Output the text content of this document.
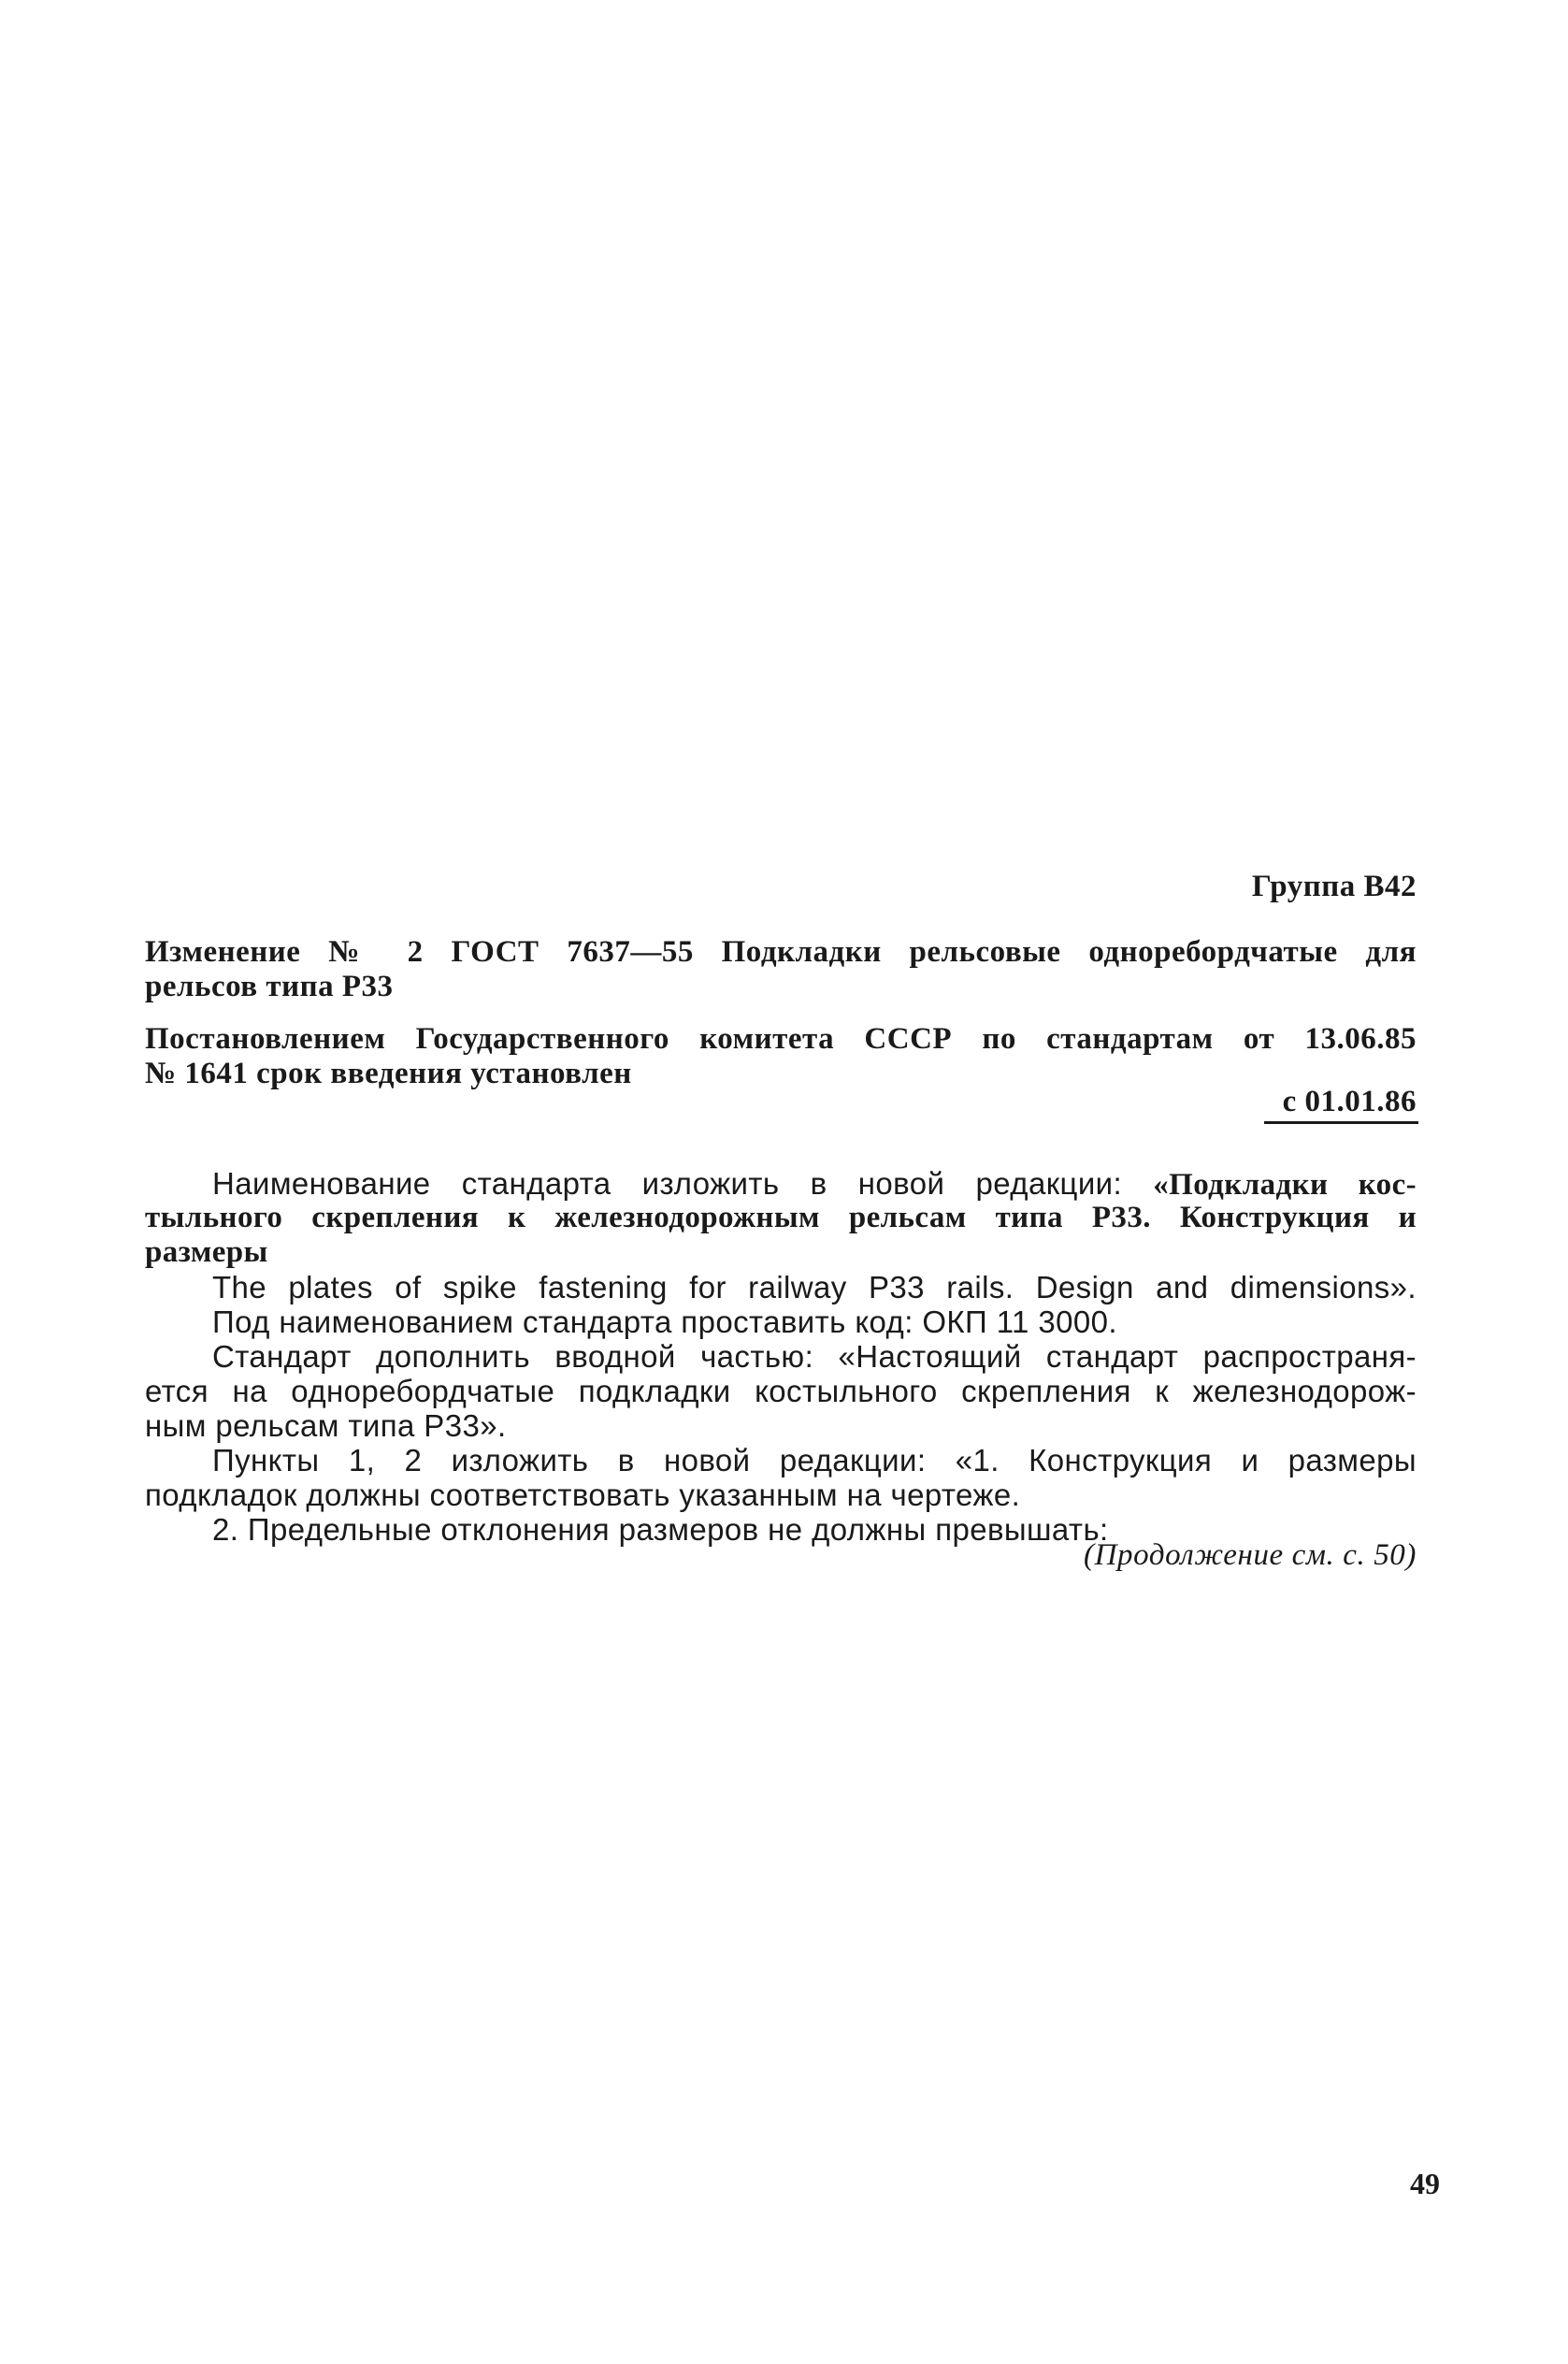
Группа В42
Изменение № 2 ГОСТ 7637—55 Подкладки рельсовые одноребордчатые для
рельсов типа Р33
Постановлением Государственного комитета СССР по стандартам от 13.06.85
№ 1641 срок введения установлен
с 01.01.86
Наименование стандарта изложить в новой редакции: «Подкладки кос-
тыльного скрепления к железнодорожным рельсам типа Р33. Конструкция и
размеры
The plates of spike fastening for railway P33 rails. Design and dimensions».
Под наименованием стандарта проставить код: ОКП 11 3000.
Стандарт дополнить вводной частью: «Настоящий стандарт распространя-
ется на одноребордчатые подкладки костыльного скрепления к железнодорож-
ным рельсам типа Р33».
Пункты 1, 2 изложить в новой редакции: «1. Конструкция и размеры
подкладок должны соответствовать указанным на чертеже.
2. Предельные отклонения размеров не должны превышать:
(Продолжение см. с. 50)
49
